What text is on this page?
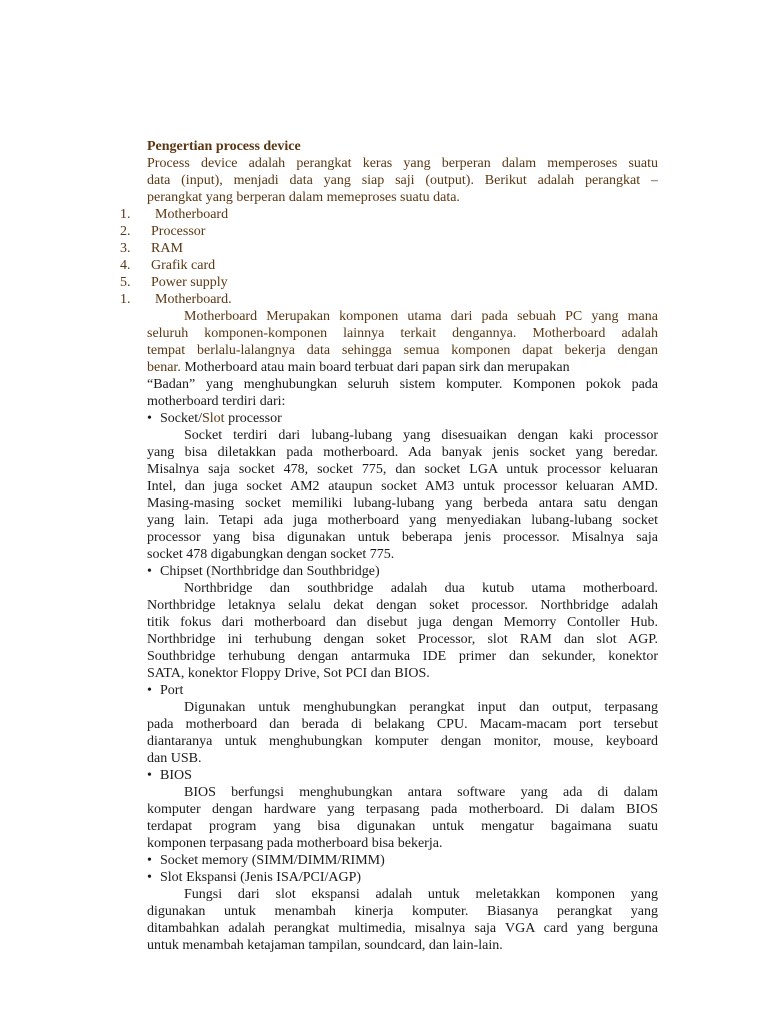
Pengertian process device
Process device adalah perangkat keras yang berperan dalam memperoses suatu
data (input), menjadi data yang siap saji (output). Berikut adalah perangkat –
perangkat yang berperan dalam memeproses suatu data.
1. Motherboard
2. Processor
3. RAM
4. Grafik card
5. Power supply
1. Motherboard.
Motherboard Merupakan komponen utama dari pada sebuah PC yang mana
seluruh komponen-komponen lainnya terkait dengannya. Motherboard adalah
tempat berlalu-lalangnya data sehingga semua komponen dapat bekerja dengan
benar. Motherboard atau main board terbuat dari papan sirk dan merupakan
“Badan” yang menghubungkan seluruh sistem komputer. Komponen pokok pada
motherboard terdiri dari:
• Socket/Slot processor
Socket terdiri dari lubang-lubang yang disesuaikan dengan kaki processor
yang bisa diletakkan pada motherboard. Ada banyak jenis socket yang beredar.
Misalnya saja socket 478, socket 775, dan socket LGA untuk processor keluaran
Intel, dan juga socket AM2 ataupun socket AM3 untuk processor keluaran AMD.
Masing-masing socket memiliki lubang-lubang yang berbeda antara satu dengan
yang lain. Tetapi ada juga motherboard yang menyediakan lubang-lubang socket
processor yang bisa digunakan untuk beberapa jenis processor. Misalnya saja
socket 478 digabungkan dengan socket 775.
• Chipset (Northbridge dan Southbridge)
Northbridge dan southbridge adalah dua kutub utama motherboard.
Northbridge letaknya selalu dekat dengan soket processor. Northbridge adalah
titik fokus dari motherboard dan disebut juga dengan Memorry Contoller Hub.
Northbridge ini terhubung dengan soket Processor, slot RAM dan slot AGP.
Southbridge terhubung dengan antarmuka IDE primer dan sekunder, konektor
SATA, konektor Floppy Drive, Sot PCI dan BIOS.
• Port
Digunakan untuk menghubungkan perangkat input dan output, terpasang
pada motherboard dan berada di belakang CPU. Macam-macam port tersebut
diantaranya untuk menghubungkan komputer dengan monitor, mouse, keyboard
dan USB.
• BIOS
BIOS berfungsi menghubungkan antara software yang ada di dalam
komputer dengan hardware yang terpasang pada motherboard. Di dalam BIOS
terdapat program yang bisa digunakan untuk mengatur bagaimana suatu
komponen terpasang pada motherboard bisa bekerja.
• Socket memory (SIMM/DIMM/RIMM)
• Slot Ekspansi (Jenis ISA/PCI/AGP)
Fungsi dari slot ekspansi adalah untuk meletakkan komponen yang
digunakan untuk menambah kinerja komputer. Biasanya perangkat yang
ditambahkan adalah perangkat multimedia, misalnya saja VGA card yang berguna
untuk menambah ketajaman tampilan, soundcard, dan lain-lain.
